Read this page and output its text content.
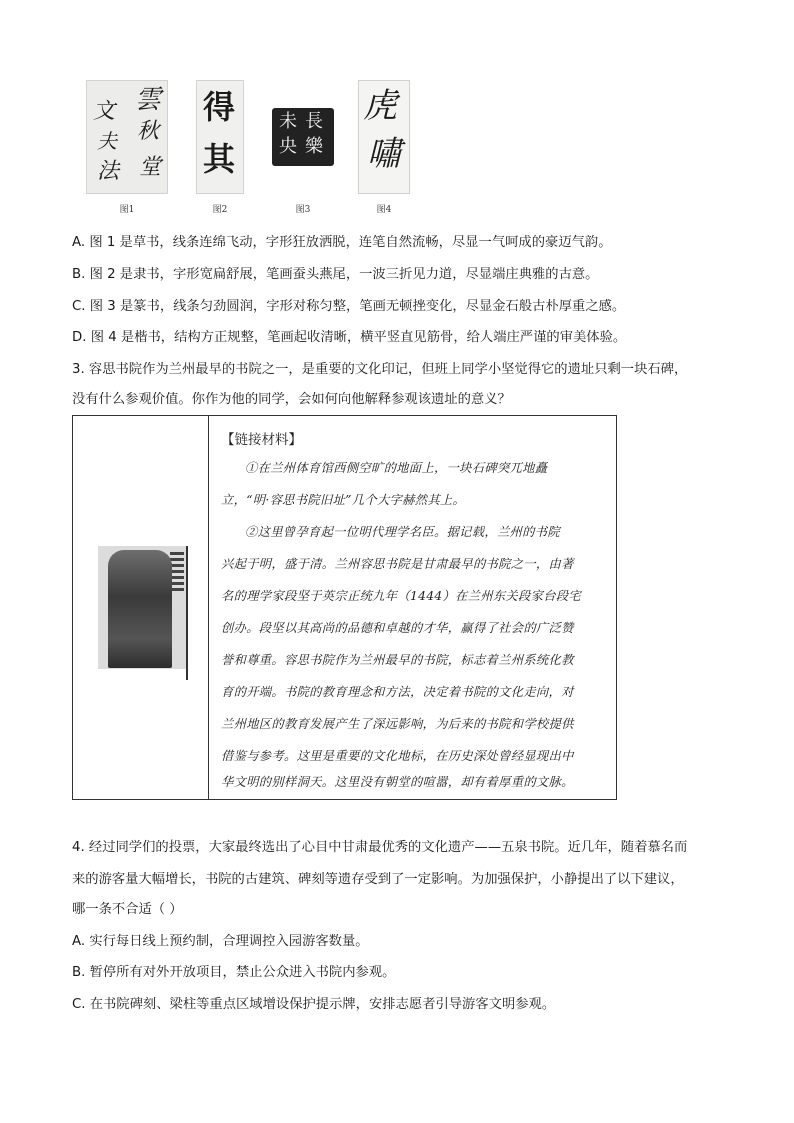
雲
秋
堂
文
夫
法
图1
得
其
图2
長
樂
未
央
图3
虎
嘯
图4
A. 图 1 是草书，线条连绵飞动，字形狂放洒脱，连笔自然流畅，尽显一气呵成的豪迈气韵。
B. 图 2 是隶书，字形宽扁舒展，笔画蚕头燕尾，一波三折见力道，尽显端庄典雅的古意。
C. 图 3 是篆书，线条匀劲圆润，字形对称匀整，笔画无顿挫变化，尽显金石般古朴厚重之感。
D. 图 4 是楷书，结构方正规整，笔画起收清晰，横平竖直见筋骨，给人端庄严谨的审美体验。
3. 容思书院作为兰州最早的书院之一，是重要的文化印记，但班上同学小坚觉得它的遗址只剩一块石碑，
没有什么参观价值。你作为他的同学，会如何向他解释参观该遗址的意义？
【链接材料】
①在兰州体育馆西侧空旷的地面上，一块石碑突兀地矗
立，“明·容思书院旧址”几个大字赫然其上。
②这里曾孕育起一位明代理学名臣。据记载，兰州的书院
兴起于明，盛于清。兰州容思书院是甘肃最早的书院之一，由著
名的理学家段坚于英宗正统九年（1444）在兰州东关段家台段宅
创办。段坚以其高尚的品德和卓越的才华，赢得了社会的广泛赞
誉和尊重。容思书院作为兰州最早的书院，标志着兰州系统化教
育的开端。书院的教育理念和方法，决定着书院的文化走向，对
兰州地区的教育发展产生了深远影响，为后来的书院和学校提供
借鉴与参考。这里是重要的文化地标，在历史深处曾经显现出中
华文明的别样洞天。这里没有朝堂的喧嚣，却有着厚重的文脉。
4. 经过同学们的投票，大家最终选出了心目中甘肃最优秀的文化遗产——五泉书院。近几年，随着慕名而
来的游客量大幅增长，书院的古建筑、碑刻等遗存受到了一定影响。为加强保护，小静提出了以下建议，
哪一条不合适（ ）
A. 实行每日线上预约制，合理调控入园游客数量。
B. 暂停所有对外开放项目，禁止公众进入书院内参观。
C. 在书院碑刻、梁柱等重点区域增设保护提示牌，安排志愿者引导游客文明参观。
